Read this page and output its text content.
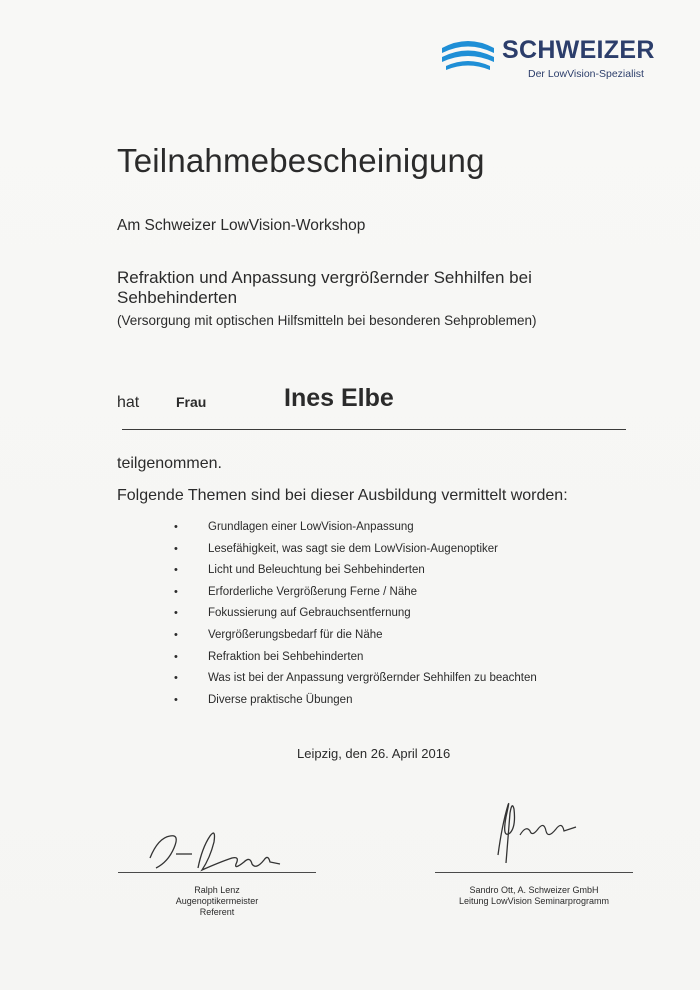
SCHWEIZER
Der LowVision-Spezialist
Teilnahmebescheinigung
Am Schweizer LowVision-Workshop
Refraktion und Anpassung vergrößernder Sehhilfen bei Sehbehinderten
(Versorgung mit optischen Hilfsmitteln bei besonderen Sehproblemen)
hat	Frau	Ines Elbe
teilgenommen.
Folgende Themen sind bei dieser Ausbildung vermittelt worden:
•	Grundlagen einer LowVision-Anpassung
•	Lesefähigkeit, was sagt sie dem LowVision-Augenoptiker
•	Licht und Beleuchtung bei Sehbehinderten
•	Erforderliche Vergrößerung Ferne / Nähe
•	Fokussierung auf Gebrauchsentfernung
•	Vergrößerungsbedarf für die Nähe
•	Refraktion bei Sehbehinderten
•	Was ist bei der Anpassung vergrößernder Sehhilfen zu beachten
•	Diverse praktische Übungen
Leipzig, den 26. April 2016
Ralph Lenz
Augenoptikermeister
Referent
Sandro Ott, A. Schweizer GmbH
Leitung LowVision Seminarprogramm
